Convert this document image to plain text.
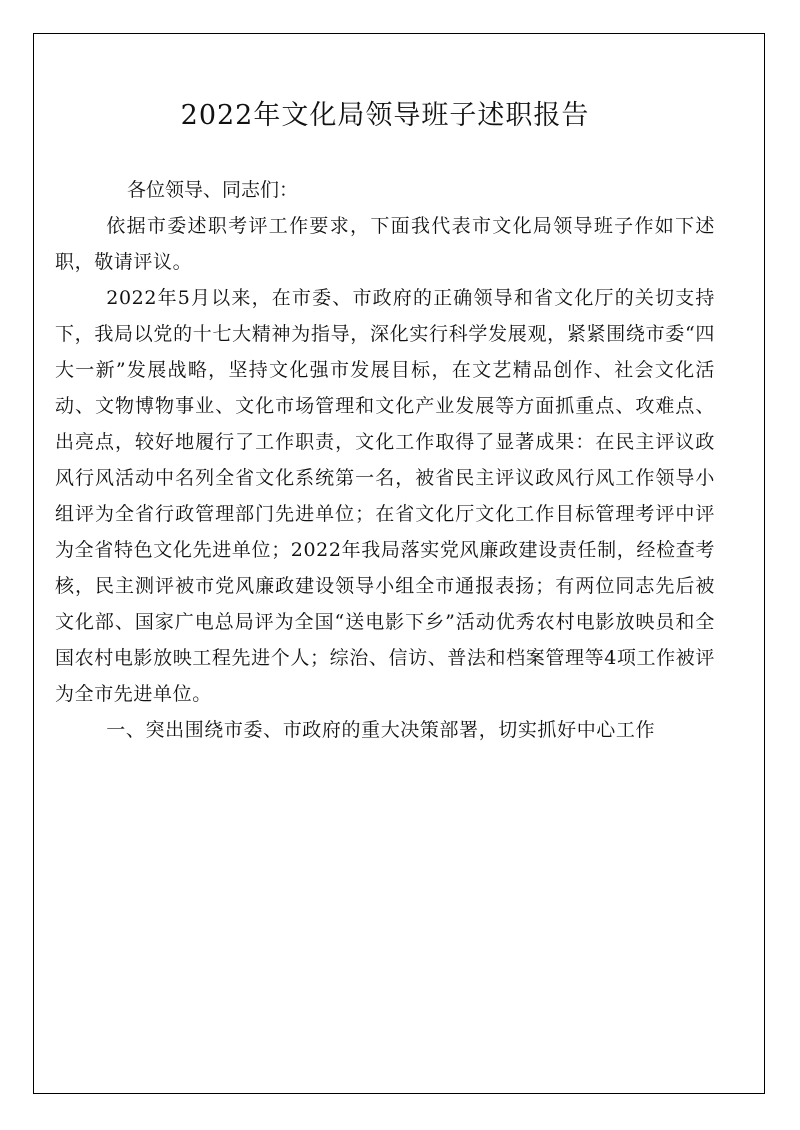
2022年文化局领导班子述职报告

各位领导、同志们：

依据市委述职考评工作要求，下面我代表市文化局领导班子作如下述职，敬请评议。

2022年5月以来，在市委、市政府的正确领导和省文化厅的关切支持下，我局以党的十七大精神为指导，深化实行科学发展观，紧紧围绕市委“四大一新”发展战略，坚持文化强市发展目标，在文艺精品创作、社会文化活动、文物博物事业、文化市场管理和文化产业发展等方面抓重点、攻难点、出亮点，较好地履行了工作职责，文化工作取得了显著成果：在民主评议政风行风活动中名列全省文化系统第一名，被省民主评议政风行风工作领导小组评为全省行政管理部门先进单位；在省文化厅文化工作目标管理考评中评为全省特色文化先进单位；2022年我局落实党风廉政建设责任制，经检查考核，民主测评被市党风廉政建设领导小组全市通报表扬；有两位同志先后被文化部、国家广电总局评为全国“送电影下乡”活动优秀农村电影放映员和全国农村电影放映工程先进个人；综治、信访、普法和档案管理等4项工作被评为全市先进单位。

一、突出围绕市委、市政府的重大决策部署，切实抓好中心工作
